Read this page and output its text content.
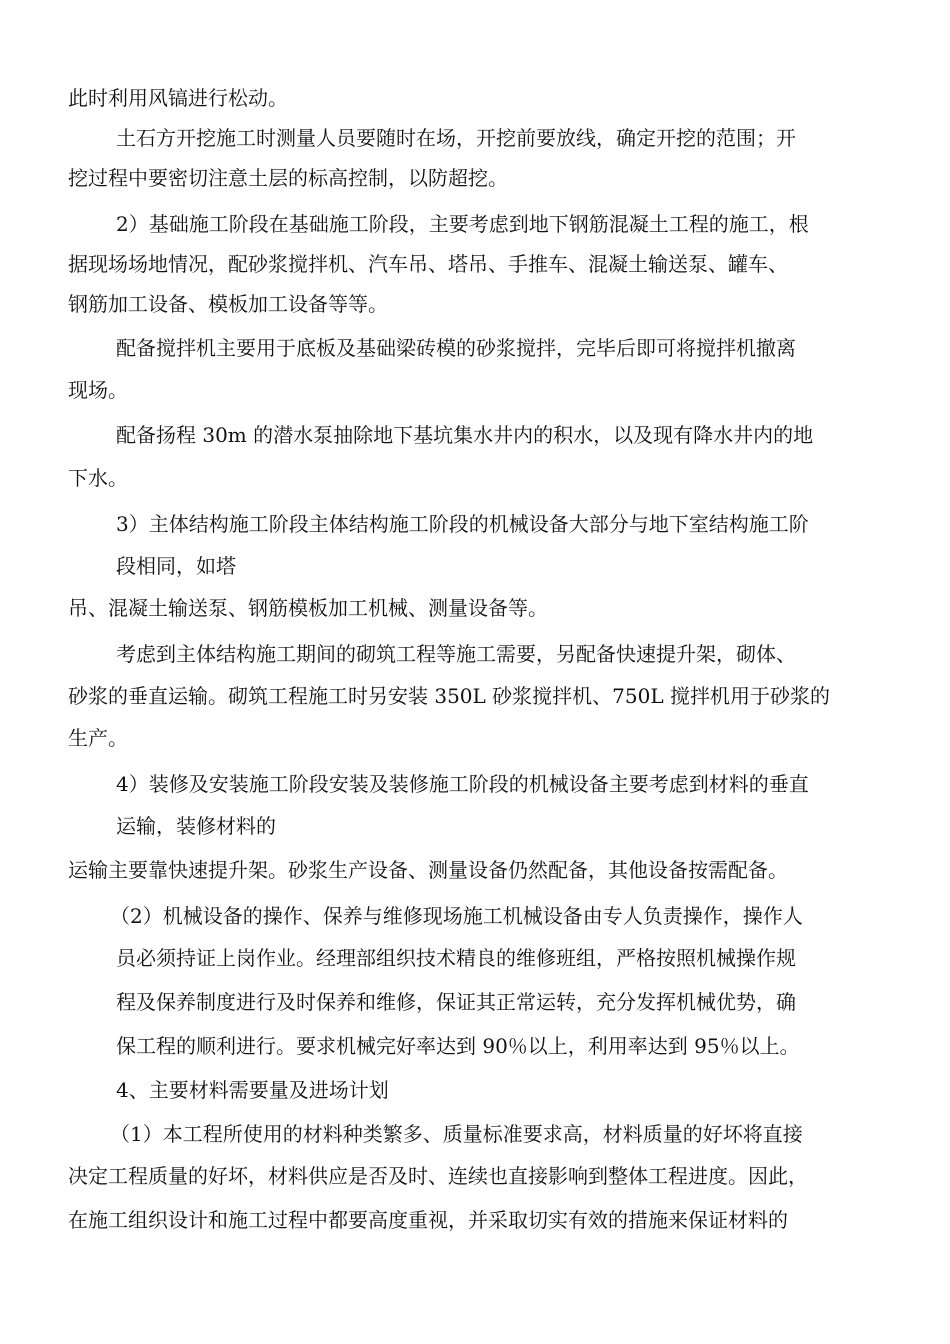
此时利用风镐进行松动。
土石方开挖施工时测量人员要随时在场，开挖前要放线，确定开挖的范围；开
挖过程中要密切注意土层的标高控制，以防超挖。
2）基础施工阶段在基础施工阶段，主要考虑到地下钢筋混凝土工程的施工，根
据现场场地情况，配砂浆搅拌机、汽车吊、塔吊、手推车、混凝土输送泵、罐车、
钢筋加工设备、模板加工设备等等。
配备搅拌机主要用于底板及基础梁砖模的砂浆搅拌，完毕后即可将搅拌机撤离
现场。
配备扬程 30m 的潜水泵抽除地下基坑集水井内的积水，以及现有降水井内的地
下水。
3）主体结构施工阶段主体结构施工阶段的机械设备大部分与地下室结构施工阶
段相同，如塔
吊、混凝土输送泵、钢筋模板加工机械、测量设备等。
考虑到主体结构施工期间的砌筑工程等施工需要，另配备快速提升架，砌体、
砂浆的垂直运输。砌筑工程施工时另安装 350L 砂浆搅拌机、750L 搅拌机用于砂浆的
生产。
4）装修及安装施工阶段安装及装修施工阶段的机械设备主要考虑到材料的垂直
运输，装修材料的
运输主要靠快速提升架。砂浆生产设备、测量设备仍然配备，其他设备按需配备。
（2）机械设备的操作、保养与维修现场施工机械设备由专人负责操作，操作人
员必须持证上岗作业。经理部组织技术精良的维修班组，严格按照机械操作规
程及保养制度进行及时保养和维修，保证其正常运转，充分发挥机械优势，确
保工程的顺利进行。要求机械完好率达到 90％以上，利用率达到 95％以上。
4、主要材料需要量及进场计划
（1）本工程所使用的材料种类繁多、质量标准要求高，材料质量的好坏将直接
决定工程质量的好坏，材料供应是否及时、连续也直接影响到整体工程进度。因此，
在施工组织设计和施工过程中都要高度重视，并采取切实有效的措施来保证材料的
